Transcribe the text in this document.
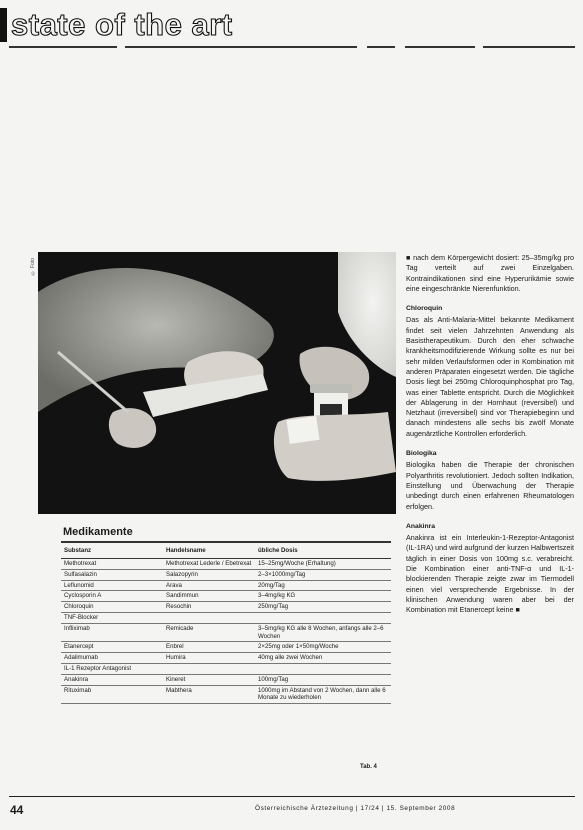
state of the art
© Foto
Medikamente
Substanz	Handelsname	übliche Dosis
Methotrexat	Methotrexat Lederle / Ebetrexat	15–25mg/Woche (Erhaltung)
Sulfasalazin	Salazopyrin	2–3×1000mg/Tag
Leflunomid	Arava	20mg/Tag
Cyclosporin A	Sandimmun	3–4mg/kg KG
Chloroquin	Resochin	250mg/Tag
TNF-Blocker		
Infliximab	Remicade	3–5mg/kg KG alle 8 Wochen, anfangs alle 2–6 Wochen
Etanercept	Enbrel	2×25mg oder 1×50mg/Woche
Adalimumab	Humira	40mg alle zwei Wochen
IL-1 Rezeptor Antagonist		
Anakinra	Kineret	100mg/Tag
Rituximab	Mabthera	1000mg im Abstand von 2 Wochen, dann alle 6 Monate zu wiederholen
Tab. 4

■ nach dem Körpergewicht dosiert: 25–35mg/kg pro Tag verteilt auf zwei Einzelgaben. Kontraindikationen sind eine Hyperurikämie sowie eine eingeschränkte Nierenfunktion.

Chloroquin

Das als Anti-Malaria-Mittel bekannte Medikament findet seit vielen Jahrzehnten Anwendung als Basistherapeutikum. Durch den eher schwache krankheitsmodifizierende Wirkung sollte es nur bei sehr milden Verlaufsformen oder in Kombination mit anderen Präparaten eingesetzt werden. Die tägliche Dosis liegt bei 250mg Chloroquinphosphat pro Tag, was einer Tablette entspricht. Durch die Möglichkeit der Ablagerung in der Hornhaut (reversibel) und Netzhaut (irreversibel) sind vor Therapiebeginn und danach mindestens alle sechs bis zwölf Monate augenärztliche Kontrollen erforderlich.

Biologika

Biologika haben die Therapie der chronischen Polyarthritis revolutioniert. Jedoch sollten Indikation, Einstellung und Überwachung der Therapie unbedingt durch einen erfahrenen Rheumatologen erfolgen.

Anakinra

Anakinra ist ein Interleukin-1-Rezeptor-Antagonist (IL-1RA) und wird aufgrund der kurzen Halbwertszeit täglich in einer Dosis von 100mg s.c. verabreicht. Die Kombination einer anti-TNF-α und IL-1-blockierenden Therapie zeigte zwar im Tiermodell einen viel versprechende Ergebnisse. In der klinischen Anwendung waren aber bei der Kombination mit Etanercept keine ■

44	Österreichische Ärztezeitung | 17/24 | 15. September 2008
